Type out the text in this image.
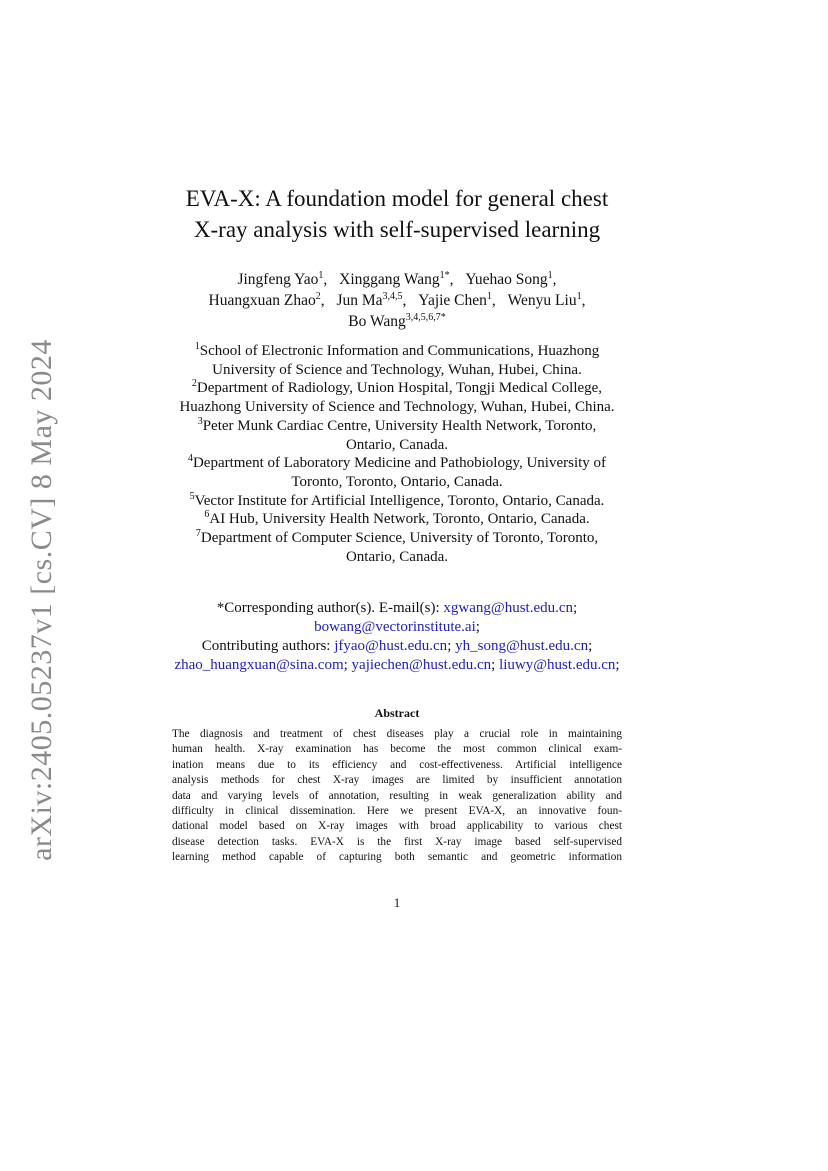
arXiv:2405.05237v1 [cs.CV] 8 May 2024
EVA-X: A foundation model for general chest
X-ray analysis with self-supervised learning
Jingfeng Yao$^1$, Xinggang Wang$^{1*}$, Yuehao Song$^1$,
Huangxuan Zhao$^2$, Jun Ma$^{3,4,5}$, Yajie Chen$^1$, Wenyu Liu$^1$,
Bo Wang$^{3,4,5,6,7*}$
$^1$School of Electronic Information and Communications, Huazhong
University of Science and Technology, Wuhan, Hubei, China.
$^2$Department of Radiology, Union Hospital, Tongji Medical College,
Huazhong University of Science and Technology, Wuhan, Hubei, China.
$^3$Peter Munk Cardiac Centre, University Health Network, Toronto,
Ontario, Canada.
$^4$Department of Laboratory Medicine and Pathobiology, University of
Toronto, Toronto, Ontario, Canada.
$^5$Vector Institute for Artificial Intelligence, Toronto, Ontario, Canada.
$^6$AI Hub, University Health Network, Toronto, Ontario, Canada.
$^7$Department of Computer Science, University of Toronto, Toronto,
Ontario, Canada.
*Corresponding author(s). E-mail(s): xgwang@hust.edu.cn;
bowang@vectorinstitute.ai;
Contributing authors: jfyao@hust.edu.cn; yh_song@hust.edu.cn;
zhao_huangxuan@sina.com; yajiechen@hust.edu.cn; liuwy@hust.edu.cn;
Abstract
The diagnosis and treatment of chest diseases play a crucial role in maintaining
human health. X-ray examination has become the most common clinical exam-
ination means due to its efficiency and cost-effectiveness. Artificial intelligence
analysis methods for chest X-ray images are limited by insufficient annotation
data and varying levels of annotation, resulting in weak generalization ability and
difficulty in clinical dissemination. Here we present EVA-X, an innovative foun-
dational model based on X-ray images with broad applicability to various chest
disease detection tasks. EVA-X is the first X-ray image based self-supervised
learning method capable of capturing both semantic and geometric information
1
